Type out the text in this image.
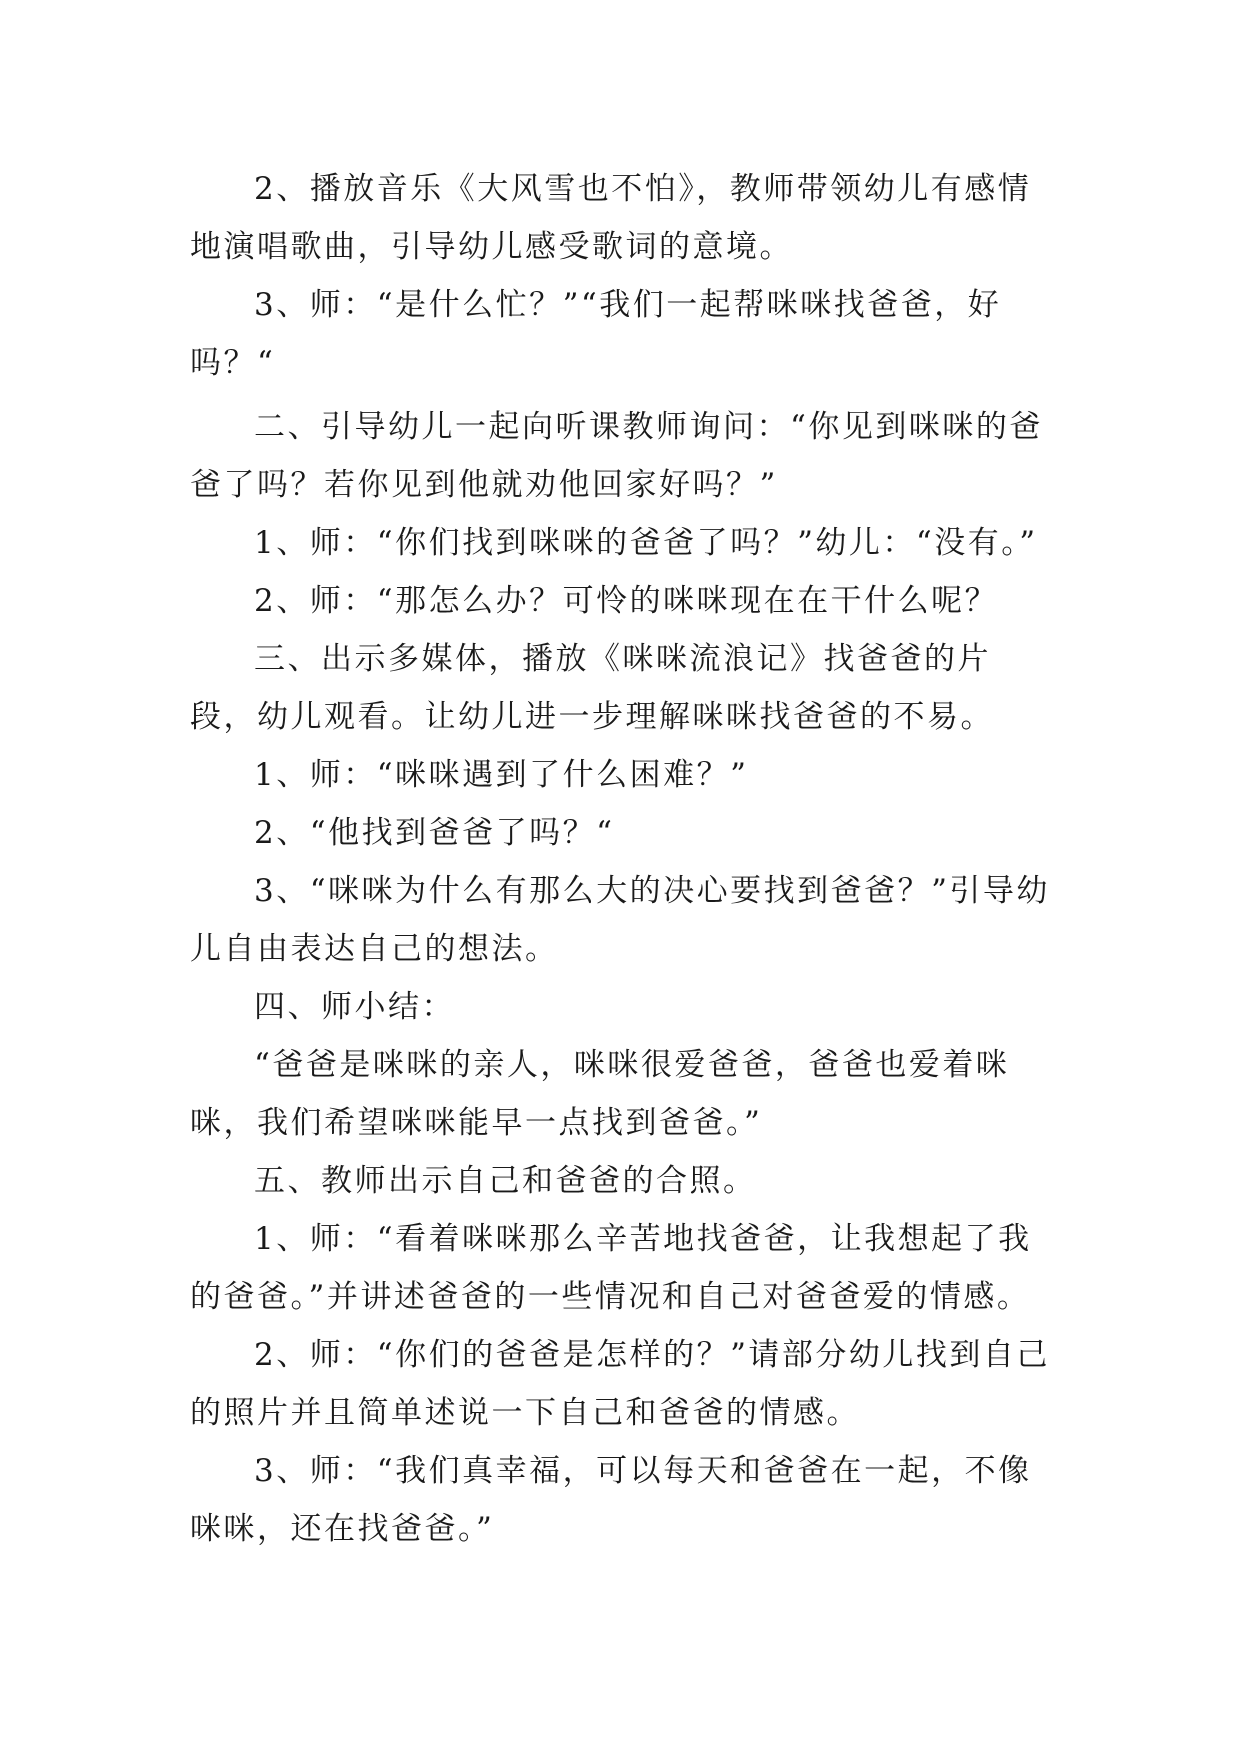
2、播放音乐《大风雪也不怕》，教师带领幼儿有感情地演唱歌曲，引导幼儿感受歌词的意境。

3、师：“是什么忙？”“我们一起帮咪咪找爸爸，好吗？“

二、引导幼儿一起向听课教师询问：“你见到咪咪的爸爸了吗？若你见到他就劝他回家好吗？”

1、师：“你们找到咪咪的爸爸了吗？”幼儿：“没有。”

2、师：“那怎么办？可怜的咪咪现在在干什么呢？

三、出示多媒体，播放《咪咪流浪记》找爸爸的片段，幼儿观看。让幼儿进一步理解咪咪找爸爸的不易。

1、师：“咪咪遇到了什么困难？”

2、“他找到爸爸了吗？“

3、“咪咪为什么有那么大的决心要找到爸爸？”引导幼儿自由表达自己的想法。

四、师小结：

“爸爸是咪咪的亲人，咪咪很爱爸爸，爸爸也爱着咪咪，我们希望咪咪能早一点找到爸爸。”

五、教师出示自己和爸爸的合照。

1、师：“看着咪咪那么辛苦地找爸爸，让我想起了我的爸爸。”并讲述爸爸的一些情况和自己对爸爸爱的情感。

2、师：“你们的爸爸是怎样的？”请部分幼儿找到自己的照片并且简单述说一下自己和爸爸的情感。

3、师：“我们真幸福，可以每天和爸爸在一起，不像咪咪，还在找爸爸。”
